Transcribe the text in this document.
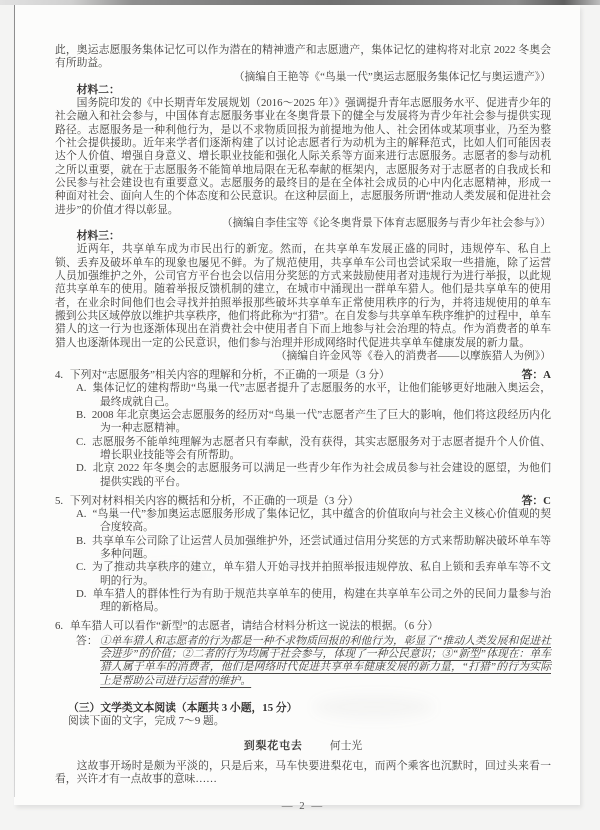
此，奥运志愿服务集体记忆可以作为潜在的精神遗产和志愿遗产，集体记忆的建构将对北京 2022 冬奥会有所助益。

（摘编自王艳等《“鸟巢一代”奥运志愿服务集体记忆与奥运遗产》）

材料二：

国务院印发的《中长期青年发展规划（2016～2025 年）》强调提升青年志愿服务水平、促进青少年的社会融入和社会参与，中国体育志愿服务事业在冬奥背景下的健全与发展将为青少年社会参与提供实现路径。志愿服务是一种利他行为，是以不求物质回报为前提地为他人、社会团体或某项事业，乃至为整个社会提供援助。近年来学者们逐渐构建了以讨论志愿者行为动机为主的解释范式，比如人们可能因表达个人价值、增强自身意义、增长职业技能和强化人际关系等方面来进行志愿服务。志愿者的参与动机之所以重要，就在于志愿服务不能简单地局限在无私奉献的框架内，志愿服务对于志愿者的自我成长和公民参与社会建设也有重要意义。志愿服务的最终目的是在全体社会成员的心中内化志愿精神，形成一种面对社会、面向人生的个体态度和公民意识。在这种层面上，志愿服务所谓“推动人类发展和促进社会进步”的价值才得以彰显。

（摘编自李佳宝等《论冬奥背景下体育志愿服务与青少年社会参与》）

材料三：

近两年，共享单车成为市民出行的新宠。然而，在共享单车发展正盛的同时，违规停车、私自上锁、丢弃及破坏单车的现象也屡见不鲜。为了规范使用，共享单车公司也尝试采取一些措施，除了运营人员加强维护之外，公司官方平台也会以信用分奖惩的方式来鼓励使用者对违规行为进行举报，以此规范共享单车的使用。随着举报反馈机制的建立，在城市中涌现出一群单车猎人。他们是共享单车的使用者，在业余时间他们也会寻找并拍照举报那些破坏共享单车正常使用秩序的行为，并将违规使用的单车搬到公共区域停放以维护共享秩序，他们将此称为“打猎”。在自发参与共享单车秩序维护的过程中，单车猎人的这一行为也逐渐体现出在消费社会中使用者自下而上地参与社会治理的特点。作为消费者的单车猎人也逐渐体现出一定的公民意识，他们参与治理并形成网络时代促进共享单车健康发展的新力量。

（摘编自许金风等《卷入的消费者——以摩族猎人为例》）

答：A
4. 下列对“志愿服务”相关内容的理解和分析，不正确的一项是（3 分）

A. 集体记忆的建构帮助“鸟巢一代”志愿者提升了志愿服务的水平，让他们能够更好地融入奥运会，最终成就自己。

B. 2008 年北京奥运会志愿服务的经历对“鸟巢一代”志愿者产生了巨大的影响，他们将这段经历内化为一种志愿精神。

C. 志愿服务不能单纯理解为志愿者只有奉献，没有获得，其实志愿服务对于志愿者提升个人价值、增长职业技能等会有所帮助。

D. 北京 2022 年冬奥会的志愿服务可以满足一些青少年作为社会成员参与社会建设的愿望，为他们提供实践的平台。

答：C
5. 下列对材料相关内容的概括和分析，不正确的一项是（3 分）

A. “鸟巢一代”参加奥运志愿服务形成了集体记忆，其中蕴含的价值取向与社会主义核心价值观的契合度较高。

B. 共享单车公司除了让运营人员加强维护外，还尝试通过信用分奖惩的方式来帮助解决破坏单车等多种问题。

C. 为了推动共享秩序的建立，单车猎人开始寻找并拍照举报违规停放、私自上锁和丢弃单车等不文明的行为。

D. 单车猎人的群体性行为有助于规范共享单车的使用，构建在共享单车公司之外的民间力量参与治理的新格局。

6. 单车猎人可以看作“新型”的志愿者，请结合材料分析这一说法的根据。（6 分）

答： ①单车猎人和志愿者的行为都是一种不求物质回报的利他行为，彰显了“推动人类发展和促进社会进步”的价值；②二者的行为均属于社会参与，体现了一种公民意识；③“新型”体现在：单车猎人属于单车的消费者，他们是网络时代促进共享单车健康发展的新力量，“打猎”的行为实际上是帮助公司进行运营的维护。

（三）文学类文本阅读（本题共 3 小题，15 分）

阅读下面的文字，完成 7～9 题。

到梨花屯去	何士光

这故事开场时是颇为平淡的，只是后来，马车快要进梨花屯，而两个乘客也沉默时，回过头来看一看，兴许才有一点故事的意味……

— 2 —
